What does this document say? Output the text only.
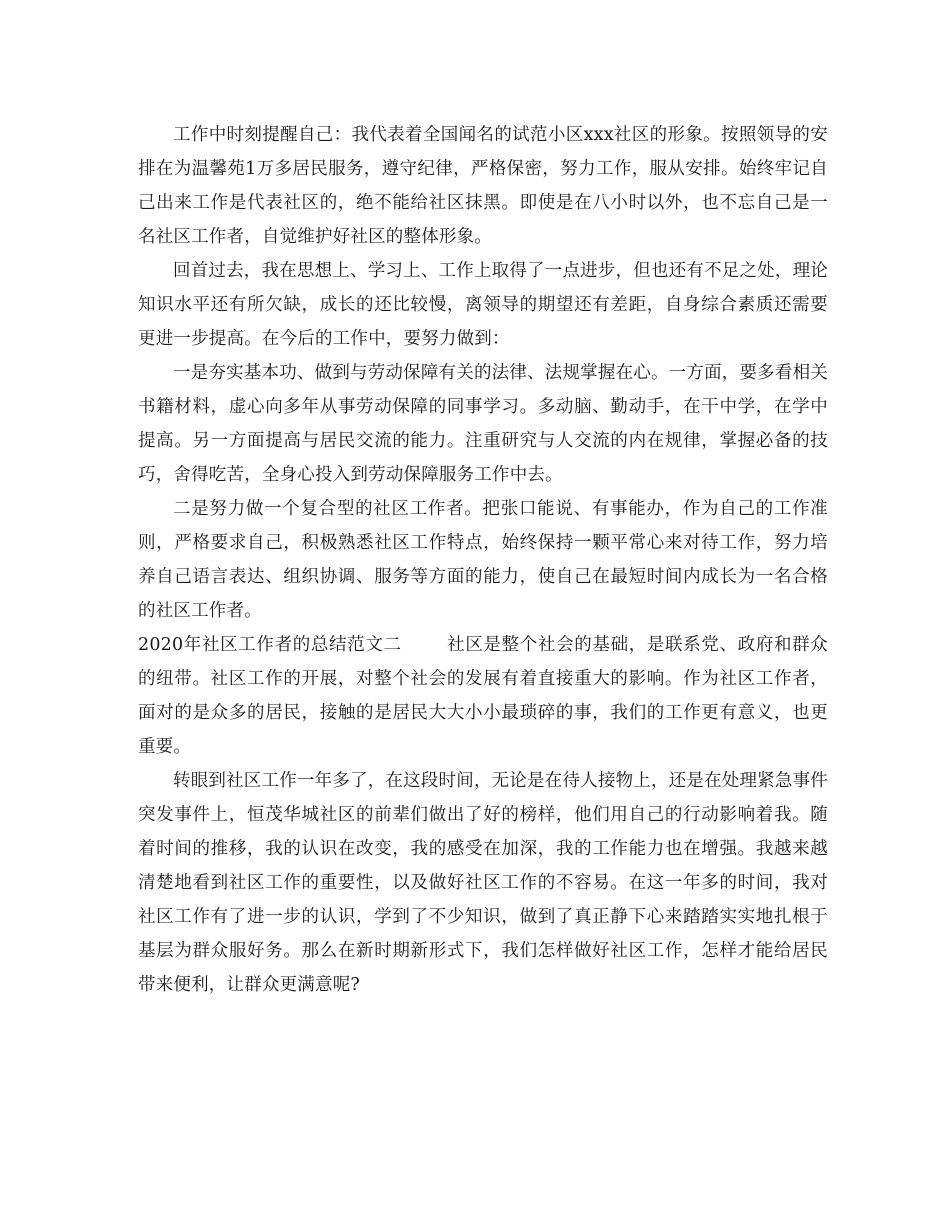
工作中时刻提醒自己：我代表着全国闻名的试范小区xxx社区的形象。按照领导的安排在为温馨苑1万多居民服务，遵守纪律，严格保密，努力工作，服从安排。始终牢记自己出来工作是代表社区的，绝不能给社区抹黑。即使是在八小时以外，也不忘自己是一名社区工作者，自觉维护好社区的整体形象。

回首过去，我在思想上、学习上、工作上取得了一点进步，但也还有不足之处，理论知识水平还有所欠缺，成长的还比较慢，离领导的期望还有差距，自身综合素质还需要更进一步提高。在今后的工作中，要努力做到：

一是夯实基本功、做到与劳动保障有关的法律、法规掌握在心。一方面，要多看相关书籍材料，虚心向多年从事劳动保障的同事学习。多动脑、勤动手，在干中学，在学中提高。另一方面提高与居民交流的能力。注重研究与人交流的内在规律，掌握必备的技巧，舍得吃苦，全身心投入到劳动保障服务工作中去。

二是努力做一个复合型的社区工作者。把张口能说、有事能办，作为自己的工作准则，严格要求自己，积极熟悉社区工作特点，始终保持一颗平常心来对待工作，努力培养自己语言表达、组织协调、服务等方面的能力，使自己在最短时间内成长为一名合格的社区工作者。

2020年社区工作者的总结范文二	社区是整个社会的基础，是联系党、政府和群众的纽带。社区工作的开展，对整个社会的发展有着直接重大的影响。作为社区工作者，面对的是众多的居民，接触的是居民大大小小最琐碎的事，我们的工作更有意义，也更重要。

转眼到社区工作一年多了，在这段时间，无论是在待人接物上，还是在处理紧急事件突发事件上，恒茂华城社区的前辈们做出了好的榜样，他们用自己的行动影响着我。随着时间的推移，我的认识在改变，我的感受在加深，我的工作能力也在增强。我越来越清楚地看到社区工作的重要性，以及做好社区工作的不容易。在这一年多的时间，我对社区工作有了进一步的认识，学到了不少知识，做到了真正静下心来踏踏实实地扎根于基层为群众服好务。那么在新时期新形式下，我们怎样做好社区工作，怎样才能给居民带来便利，让群众更满意呢?
